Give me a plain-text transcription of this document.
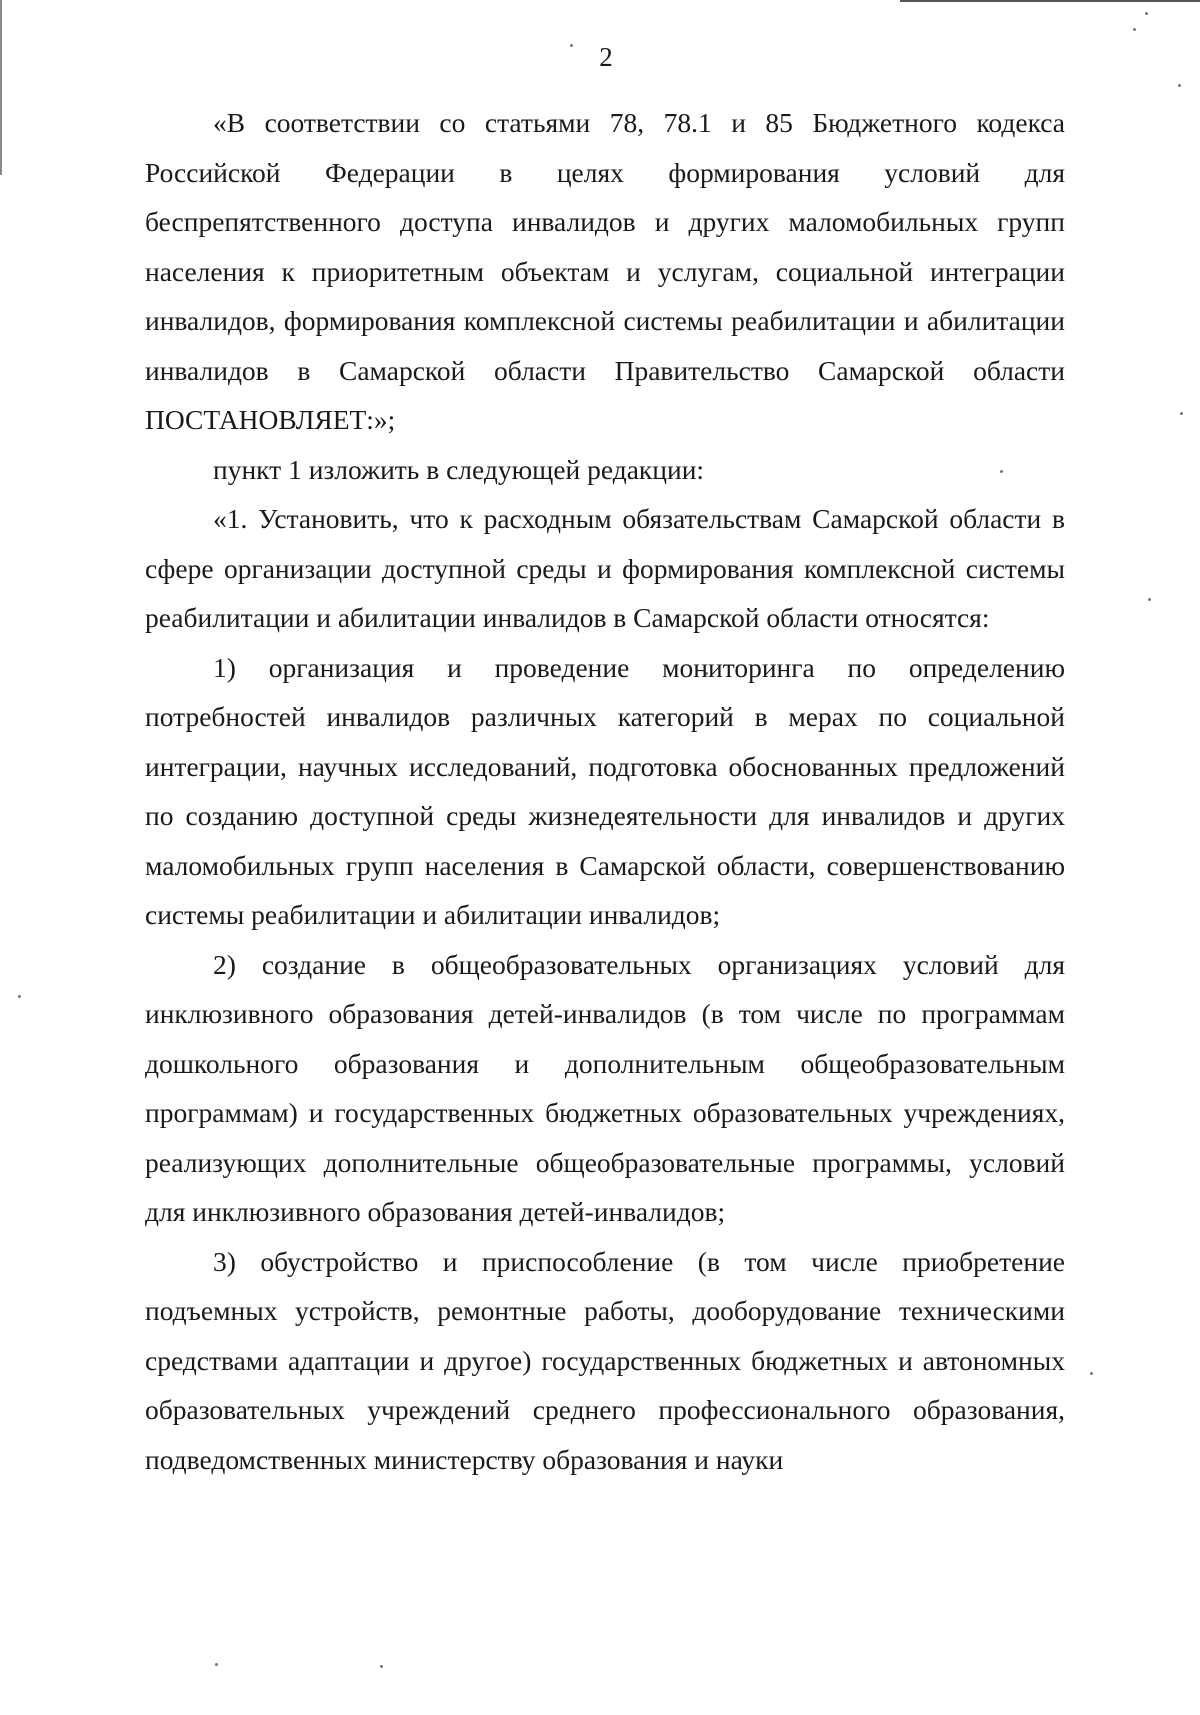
2

«В соответствии со статьями 78, 78.1 и 85 Бюджетного кодекса Российской Федерации в целях формирования условий для беспрепятственного доступа инвалидов и других маломобильных групп населения к приоритетным объектам и услугам, социальной интеграции инвалидов, формирования комплексной системы реабилитации и абилитации инвалидов в Самарской области Правительство Самарской области ПОСТАНОВЛЯЕТ:»;

пункт 1 изложить в следующей редакции:

«1. Установить, что к расходным обязательствам Самарской области в сфере организации доступной среды и формирования комплексной системы реабилитации и абилитации инвалидов в Самарской области относятся:

1) организация и проведение мониторинга по определению потребностей инвалидов различных категорий в мерах по социальной интеграции, научных исследований, подготовка обоснованных предложений по созданию доступной среды жизнедеятельности для инвалидов и других маломобильных групп населения в Самарской области, совершенствованию системы реабилитации и абилитации инвалидов;

2) создание в общеобразовательных организациях условий для инклюзивного образования детей-инвалидов (в том числе по программам дошкольного образования и дополнительным общеобразовательным программам) и государственных бюджетных образовательных учреждениях, реализующих дополнительные общеобразовательные программы, условий для инклюзивного образования детей-инвалидов;

3) обустройство и приспособление (в том числе приобретение подъемных устройств, ремонтные работы, дооборудование техническими средствами адаптации и другое) государственных бюджетных и автономных образовательных учреждений среднего профессионального образования, подведомственных министерству образования и науки
